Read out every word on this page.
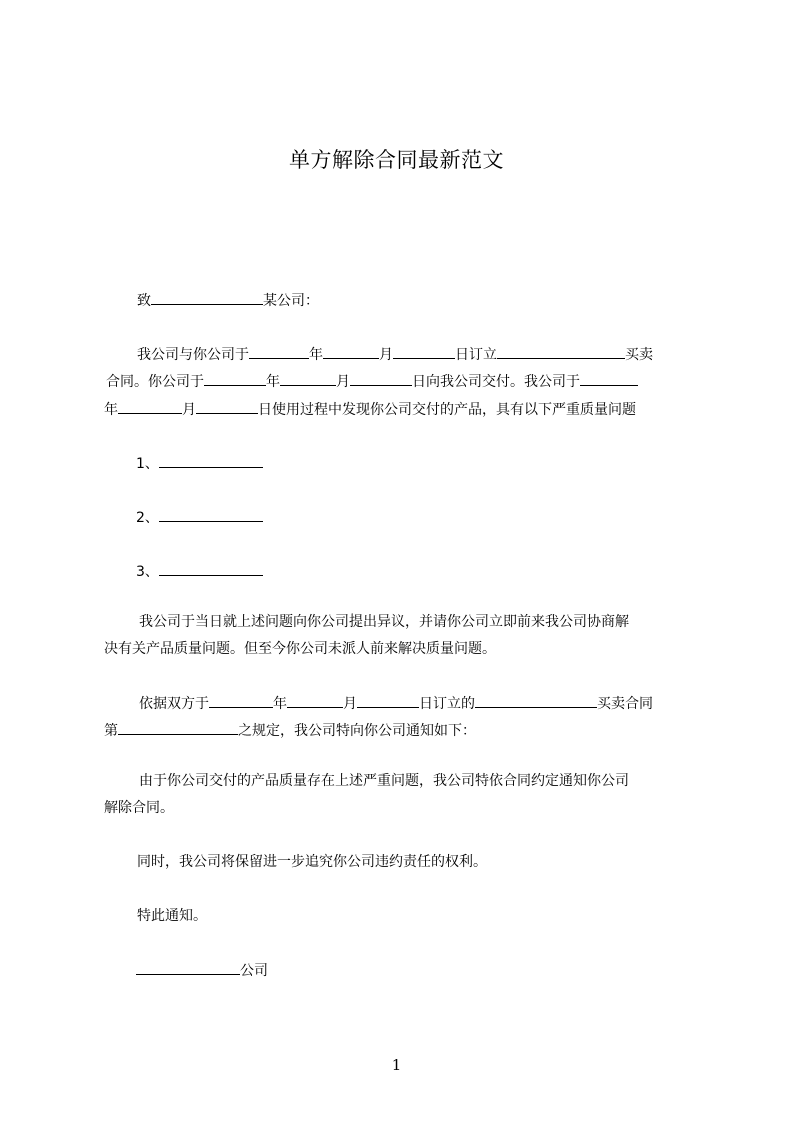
单方解除合同最新范文
致	某公司：
我公司与你公司于	年	月	日订立	买卖
合同。你公司于	年	月	日向我公司交付。我公司于
年	月	日使用过程中发现你公司交付的产品，具有以下严重质量问题
1、
2、
3、
我公司于当日就上述问题向你公司提出异议，并请你公司立即前来我公司协商解
决有关产品质量问题。但至今你公司未派人前来解决质量问题。
依据双方于	年	月	日订立的	买卖合同
第	之规定，我公司特向你公司通知如下：
由于你公司交付的产品质量存在上述严重问题，我公司特依合同约定通知你公司
解除合同。
同时，我公司将保留进一步追究你公司违约责任的权利。
特此通知。
公司
1
